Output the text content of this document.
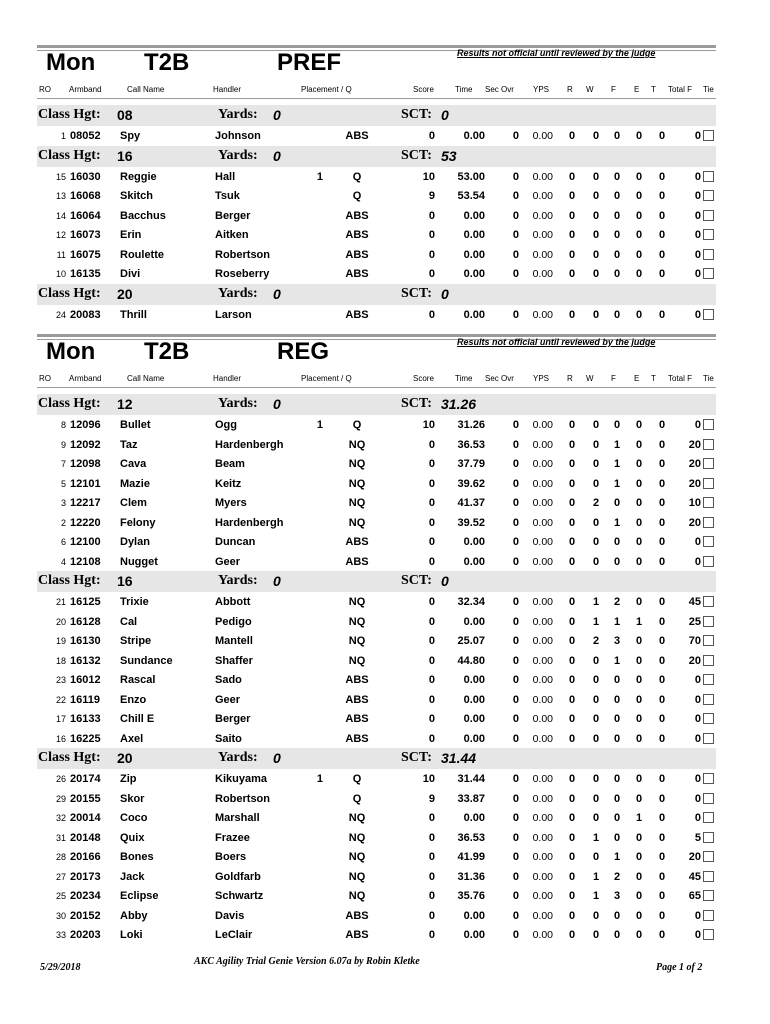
Mon T2B	PREF	Results not official until reviewed by the judge
RO Armband	Call Name	Handler	Placement / Q	Score	Time Sec Ovr YPS R W F E T Total F Tie
Class Hgt: 08	Yards: 0	SCT: 0
1 08052	Spy	Johnson	ABS	0	0.00	0	0.00 0 0 0 0 0	0
Class Hgt: 16	Yards: 0	SCT: 53
15 16030	Reggie	Hall	1	Q	10	53.00	0	0.00 0 0 0 0 0	0
13 16068	Skitch	Tsuk	Q	9	53.54	0	0.00 0 0 0 0 0	0
14 16064	Bacchus	Berger	ABS	0	0.00	0	0.00 0 0 0 0 0	0
12 16073	Erin	Aitken	ABS	0	0.00	0	0.00 0 0 0 0 0	0
11 16075	Roulette	Robertson	ABS	0	0.00	0	0.00 0 0 0 0 0	0
10 16135	Divi	Roseberry	ABS	0	0.00	0	0.00 0 0 0 0 0	0
Class Hgt: 20	Yards: 0	SCT: 0
24 20083	Thrill	Larson	ABS	0	0.00	0	0.00 0 0 0 0 0	0
Mon T2B	REG	Results not official until reviewed by the judge
RO Armband	Call Name	Handler	Placement / Q	Score	Time Sec Ovr YPS R W F E T Total F Tie
Class Hgt: 12	Yards: 0	SCT: 31.26
8 12096	Bullet	Ogg	1	Q	10	31.26	0	0.00 0 0 0 0 0	0
9 12092	Taz	Hardenbergh	NQ	0	36.53	0	0.00 0 0 1 0 0	20
7 12098	Cava	Beam	NQ	0	37.79	0	0.00 0 0 1 0 0	20
5 12101	Mazie	Keitz	NQ	0	39.62	0	0.00 0 0 1 0 0	20
3 12217	Clem	Myers	NQ	0	41.37	0	0.00 0 2 0 0 0	10
2 12220	Felony	Hardenbergh	NQ	0	39.52	0	0.00 0 0 1 0 0	20
6 12100	Dylan	Duncan	ABS	0	0.00	0	0.00 0 0 0 0 0	0
4 12108	Nugget	Geer	ABS	0	0.00	0	0.00 0 0 0 0 0	0
Class Hgt: 16	Yards: 0	SCT: 0
21 16125	Trixie	Abbott	NQ	0	32.34	0	0.00 0 1 2 0 0	45
20 16128	Cal	Pedigo	NQ	0	0.00	0	0.00 0 1 1 1 0	25
19 16130	Stripe	Mantell	NQ	0	25.07	0	0.00 0 2 3 0 0	70
18 16132	Sundance	Shaffer	NQ	0	44.80	0	0.00 0 0 1 0 0	20
23 16012	Rascal	Sado	ABS	0	0.00	0	0.00 0 0 0 0 0	0
22 16119	Enzo	Geer	ABS	0	0.00	0	0.00 0 0 0 0 0	0
17 16133	Chill E	Berger	ABS	0	0.00	0	0.00 0 0 0 0 0	0
16 16225	Axel	Saito	ABS	0	0.00	0	0.00 0 0 0 0 0	0
Class Hgt: 20	Yards: 0	SCT: 31.44
26 20174	Zip	Kikuyama	1	Q	10	31.44	0	0.00 0 0 0 0 0	0
29 20155	Skor	Robertson	Q	9	33.87	0	0.00 0 0 0 0 0	0
32 20014	Coco	Marshall	NQ	0	0.00	0	0.00 0 0 0 1 0	0
31 20148	Quix	Frazee	NQ	0	36.53	0	0.00 0 1 0 0 0	5
28 20166	Bones	Boers	NQ	0	41.99	0	0.00 0 0 1 0 0	20
27 20173	Jack	Goldfarb	NQ	0	31.36	0	0.00 0 1 2 0 0	45
25 20234	Eclipse	Schwartz	NQ	0	35.76	0	0.00 0 1 3 0 0	65
30 20152	Abby	Davis	ABS	0	0.00	0	0.00 0 0 0 0 0	0
33 20203	Loki	LeClair	ABS	0	0.00	0	0.00 0 0 0 0 0	0
5/29/2018
AKC Agility Trial Genie Version 6.07a by Robin Kletke
Page 1 of 2
